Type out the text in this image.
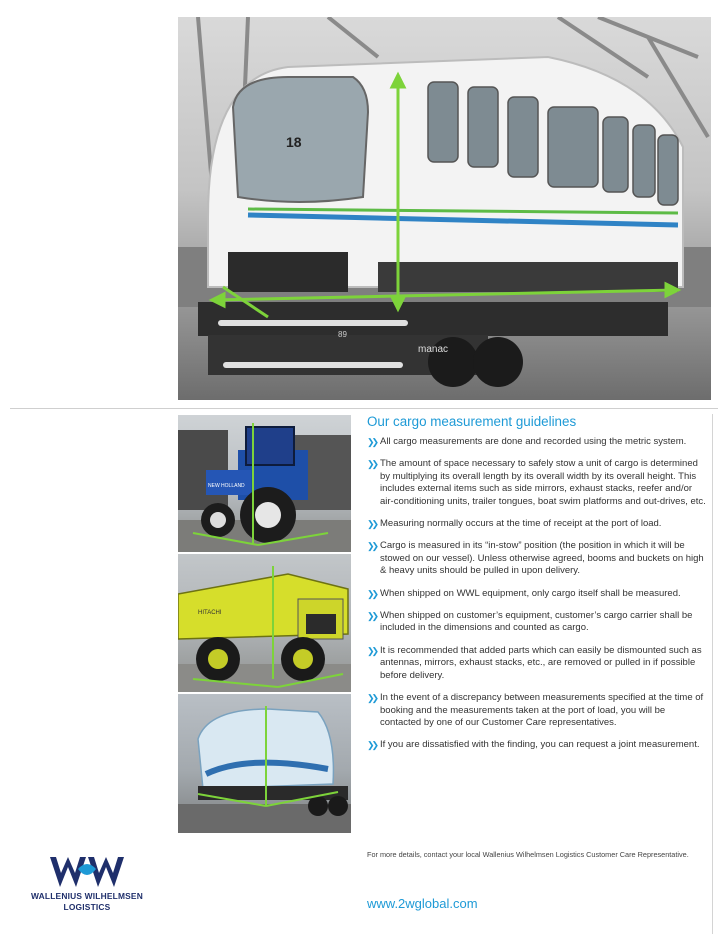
manac
89
18
NEW HOLLAND
HITACHI
Our cargo measurement guidelines
❯❯ All cargo measurements are done and recorded using the metric system.
❯❯ The amount of space necessary to safely stow a unit of cargo is determined by multiplying its overall length by its overall width by its overall height. This includes external items such as side mirrors, exhaust stacks, reefer and/or air-conditioning units, trailer tongues, boat swim platforms and out-drives, etc.
❯❯ Measuring normally occurs at the time of receipt at the port of load.
❯❯ Cargo is measured in its “in-stow” position (the position in which it will be stowed on our vessel). Unless otherwise agreed, booms and buckets on high & heavy units should be pulled in upon delivery.
❯❯ When shipped on WWL equipment, only cargo itself shall be measured.
❯❯ When shipped on customer’s equipment, customer’s cargo carrier shall be included in the dimensions and counted as cargo.
❯❯ It is recommended that added parts which can easily be dismounted such as antennas, mirrors, exhaust stacks, etc., are removed or pulled in if possible before delivery.
❯❯ In the event of a discrepancy between measurements specified at the time of booking and the measurements taken at the port of load, you will be contacted by one of our Customer Care representatives.
❯❯ If you are dissatisfied with the finding, you can request a joint measurement.
For more details, contact your local Wallenius Wilhelmsen Logistics Customer Care Representative.
www.2wglobal.com
WALLENIUS WILHELMSEN
LOGISTICS
